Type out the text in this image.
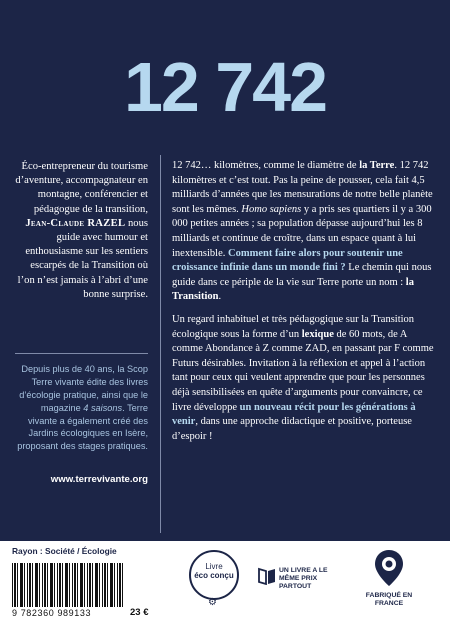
12 742
Éco-entrepreneur du tourisme d’aventure, accompagnateur en montagne, conférencier et pédagogue de la transition, Jean-Claude RAZEL nous guide avec humour et enthousiasme sur les sentiers escarpés de la Transition où l’on n’est jamais à l’abri d’une bonne surprise.
Depuis plus de 40 ans, la Scop Terre vivante édite des livres d’écologie pratique, ainsi que le magazine 4 saisons. Terre vivante a également créé des Jardins écologiques en Isère, proposant des stages pratiques.
www.terrevivante.org

12 742… kilomètres, comme le diamètre de la Terre. 12 742 kilomètres et c’est tout. Pas la peine de pousser, cela fait 4,5 milliards d’années que les mensurations de notre belle planète sont les mêmes. Homo sapiens y a pris ses quartiers il y a 300 000 petites années ; sa population dépasse aujourd’hui les 8 milliards et continue de croître, dans un espace quant à lui inextensible. Comment faire alors pour soutenir une croissance infinie dans un monde fini ? Le chemin qui nous guide dans ce périple de la vie sur Terre porte un nom : la Transition.

Un regard inhabituel et très pédagogique sur la Transition écologique sous la forme d’un lexique de 60 mots, de A comme Abondance à Z comme ZAD, en passant par F comme Futurs désirables. Invitation à la réflexion et appel à l’action tant pour ceux qui veulent apprendre que pour les personnes déjà sensibilisées en quête d’arguments pour convaincre, ce livre développe un nouveau récit pour les générations à venir, dans une approche didactique et positive, porteuse d’espoir !

Rayon : Société / Écologie
9 782360 989133	23 €
Livre
éco conçu
⚙
UN LIVRE A LE MÊME PRIX PARTOUT
FABRIQUÉ EN FRANCE
